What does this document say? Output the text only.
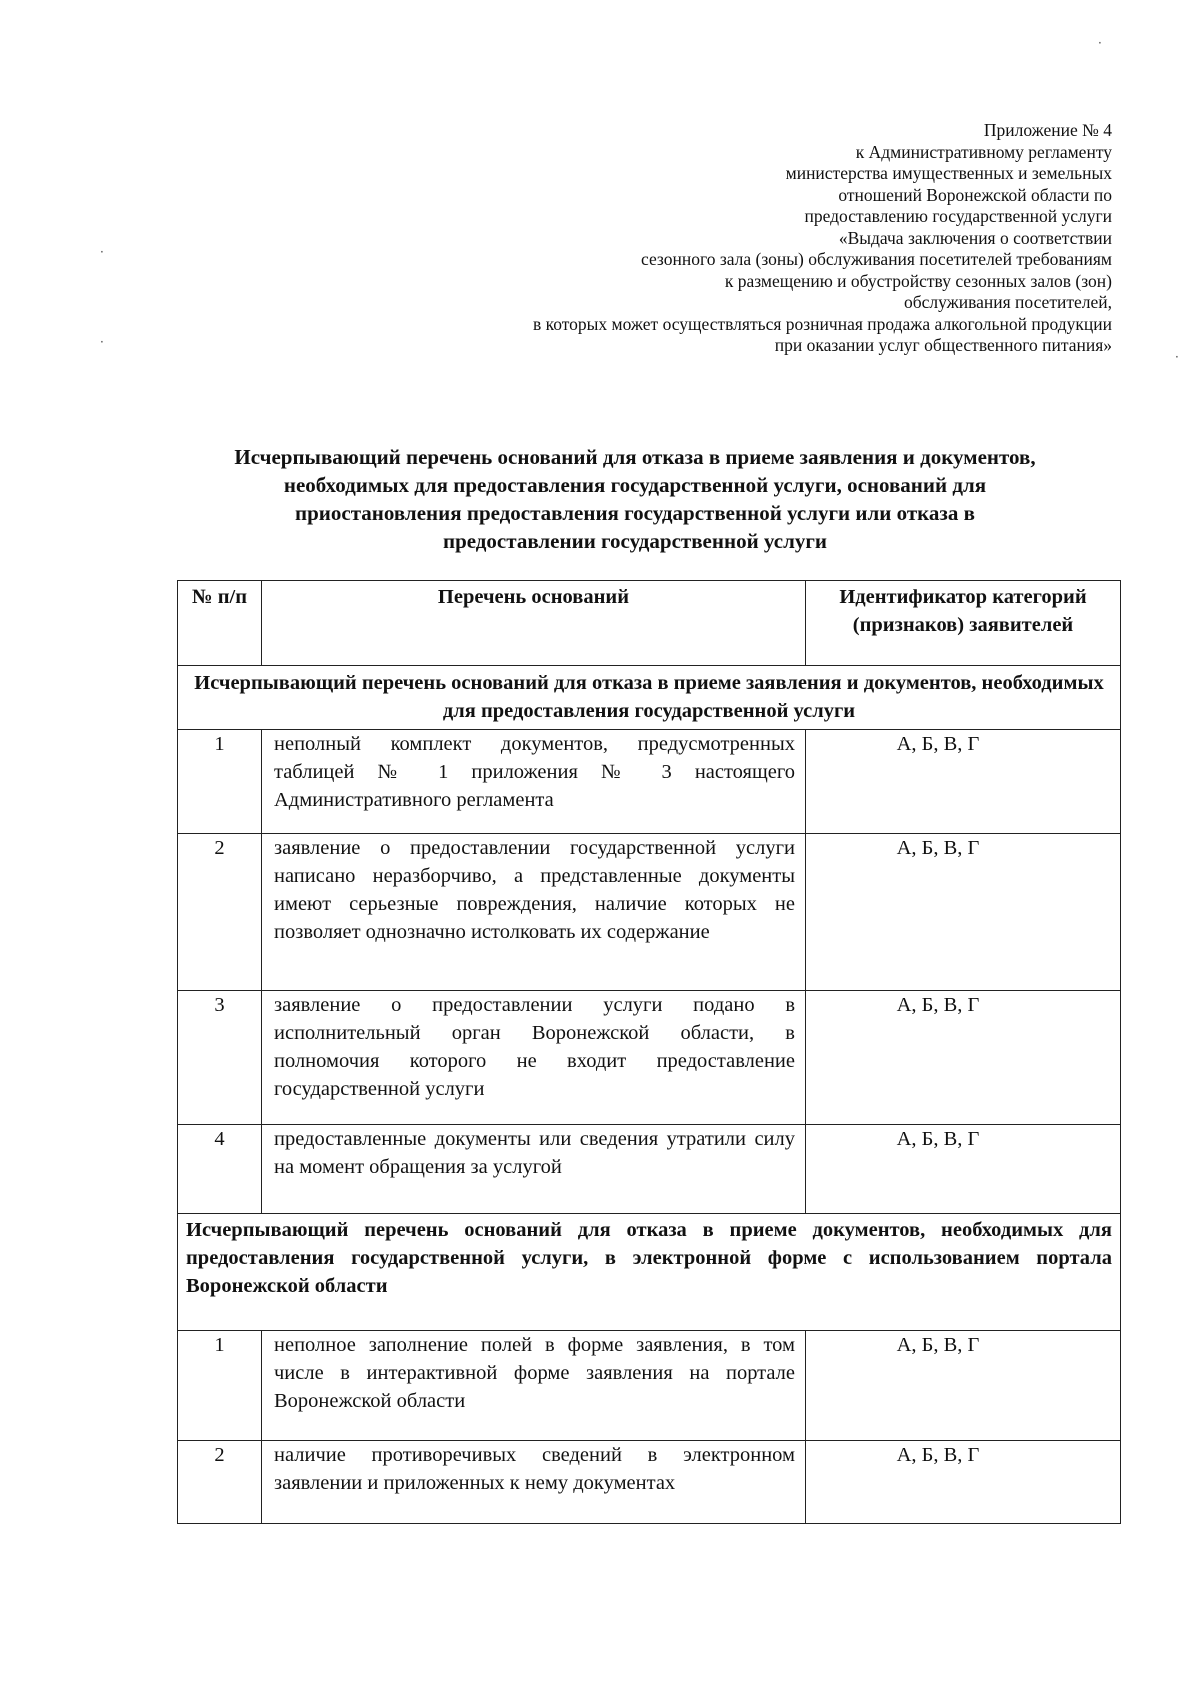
Приложение № 4
к Административному регламенту
министерства имущественных и земельных
отношений Воронежской области по
предоставлению государственной услуги
«Выдача заключения о соответствии
сезонного зала (зоны) обслуживания посетителей требованиям
к размещению и обустройству сезонных залов (зон)
обслуживания посетителей,
в которых может осуществляться розничная продажа алкогольной продукции
при оказании услуг общественного питания»
Исчерпывающий перечень оснований для отказа в приеме заявления и документов,
необходимых для предоставления государственной услуги, оснований для
приостановления предоставления государственной услуги или отказа в
предоставлении государственной услуги
№ п/п	Перечень оснований	Идентификатор категорий (признаков) заявителей
Исчерпывающий перечень оснований для отказа в приеме заявления и документов, необходимых для предоставления государственной услуги		
1	неполный комплект документов, предусмотренных таблицей № 1 приложения № 3 настоящего Административного регламента	А, Б, В, Г
2	заявление о предоставлении государственной услуги написано неразборчиво, а представленные документы имеют серьезные повреждения, наличие которых не позволяет однозначно истолковать их содержание	А, Б, В, Г
3	заявление о предоставлении услуги подано в исполнительный орган Воронежской области, в полномочия которого не входит предоставление государственной услуги	А, Б, В, Г
4	предоставленные документы или сведения утратили силу на момент обращения за услугой	А, Б, В, Г
Исчерпывающий перечень оснований для отказа в приеме документов, необходимых для предоставления государственной услуги, в электронной форме с использованием портала Воронежской области		
1	неполное заполнение полей в форме заявления, в том числе в интерактивной форме заявления на портале Воронежской области	А, Б, В, Г
2	наличие противоречивых сведений в электронном заявлении и приложенных к нему документах	А, Б, В, Г
·
·
·
·
